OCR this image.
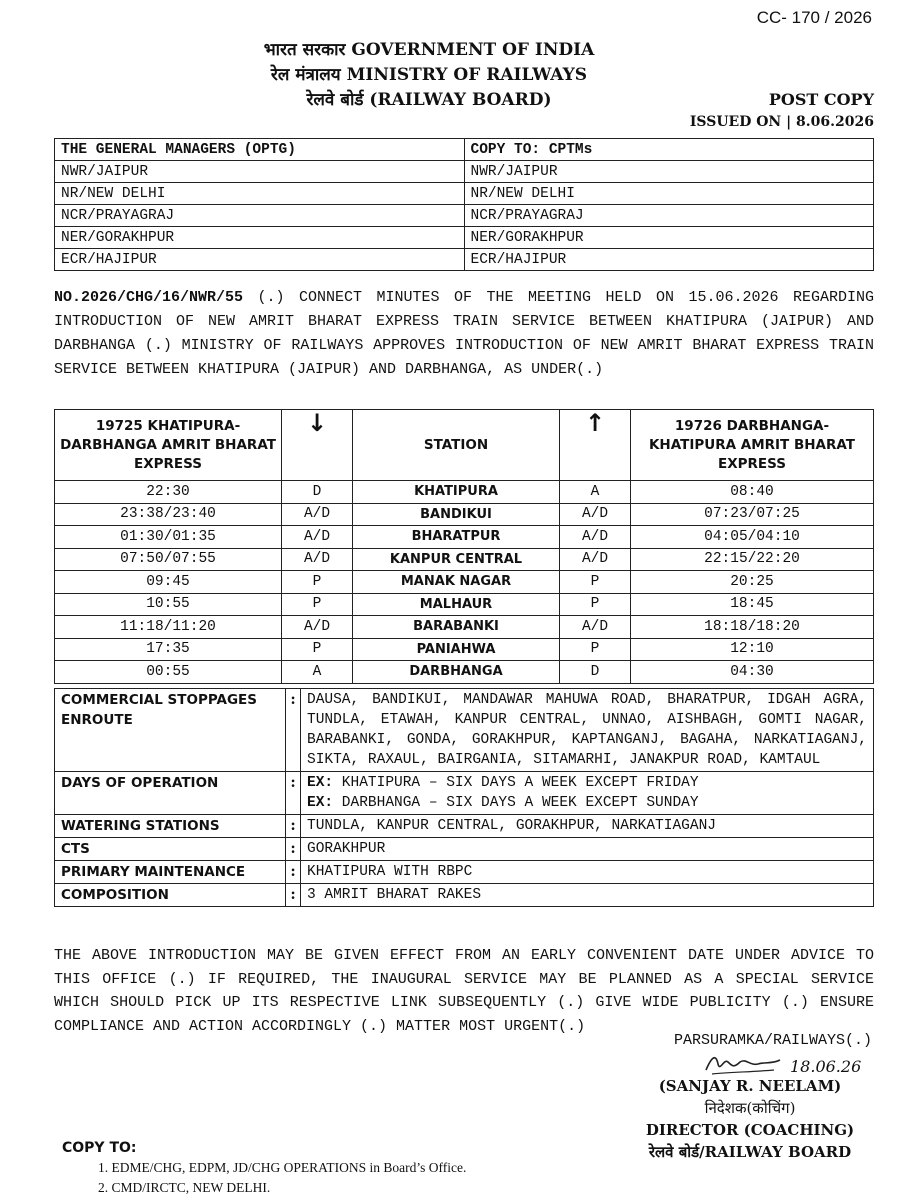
CC- 170 / 2026
भारत सरकार GOVERNMENT OF INDIA
रेल मंत्रालय MINISTRY OF RAILWAYS
रेलवे बोर्ड (RAILWAY BOARD)	POST COPY
ISSUED ON | 8.06.2026
THE GENERAL MANAGERS (OPTG)	COPY TO: CPTMs
NWR/JAIPUR	NWR/JAIPUR
NR/NEW DELHI	NR/NEW DELHI
NCR/PRAYAGRAJ	NCR/PRAYAGRAJ
NER/GORAKHPUR	NER/GORAKHPUR
ECR/HAJIPUR	ECR/HAJIPUR
NO.2026/CHG/16/NWR/55 (.) CONNECT MINUTES OF THE MEETING HELD ON 15.06.2026 REGARDING INTRODUCTION OF NEW AMRIT BHARAT EXPRESS TRAIN SERVICE BETWEEN KHATIPURA (JAIPUR) AND DARBHANGA (.) MINISTRY OF RAILWAYS APPROVES INTRODUCTION OF NEW AMRIT BHARAT EXPRESS TRAIN SERVICE BETWEEN KHATIPURA (JAIPUR) AND DARBHANGA, AS UNDER(.)
19725 KHATIPURA-DARBHANGA AMRIT BHARAT EXPRESS	↓	STATION	↑	19726 DARBHANGA-KHATIPURA AMRIT BHARAT EXPRESS
22:30	D	KHATIPURA	A	08:40
23:38/23:40	A/D	BANDIKUI	A/D	07:23/07:25
01:30/01:35	A/D	BHARATPUR	A/D	04:05/04:10
07:50/07:55	A/D	KANPUR CENTRAL	A/D	22:15/22:20
09:45	P	MANAK NAGAR	P	20:25
10:55	P	MALHAUR	P	18:45
11:18/11:20	A/D	BARABANKI	A/D	18:18/18:20
17:35	P	PANIAHWA	P	12:10
00:55	A	DARBHANGA	D	04:30
COMMERCIAL STOPPAGES ENROUTE	:	DAUSA, BANDIKUI, MANDAWAR MAHUWA ROAD, BHARATPUR, IDGAH AGRA, TUNDLA, ETAWAH, KANPUR CENTRAL, UNNAO, AISHBAGH, GOMTI NAGAR, BARABANKI, GONDA, GORAKHPUR, KAPTANGANJ, BAGAHA, NARKATIAGANJ, SIKTA, RAXAUL, BAIRGANIA, SITAMARHI, JANAKPUR ROAD, KAMTAUL
DAYS OF OPERATION	:	EX: KHATIPURA – SIX DAYS A WEEK EXCEPT FRIDAY
EX: DARBHANGA – SIX DAYS A WEEK EXCEPT SUNDAY

WATERING STATIONS	:	TUNDLA, KANPUR CENTRAL, GORAKHPUR, NARKATIAGANJ
CTS	:	GORAKHPUR
PRIMARY MAINTENANCE	:	KHATIPURA WITH RBPC
COMPOSITION	:	3 AMRIT BHARAT RAKES
THE ABOVE INTRODUCTION MAY BE GIVEN EFFECT FROM AN EARLY CONVENIENT DATE UNDER ADVICE TO THIS OFFICE (.) IF REQUIRED, THE INAUGURAL SERVICE MAY BE PLANNED AS A SPECIAL SERVICE WHICH SHOULD PICK UP ITS RESPECTIVE LINK SUBSEQUENTLY (.) GIVE WIDE PUBLICITY (.) ENSURE COMPLIANCE AND ACTION ACCORDINGLY (.) MATTER MOST URGENT(.)
PARSURAMKA/RAILWAYS(.)
18.06.26
(SANJAY R. NEELAM)
निदेशक(कोचिंग)
DIRECTOR (COACHING)
रेलवे बोर्ड/RAILWAY BOARD
COPY TO:
1. EDME/CHG, EDPM, JD/CHG OPERATIONS in Board’s Office.
2. CMD/IRCTC, NEW DELHI.
